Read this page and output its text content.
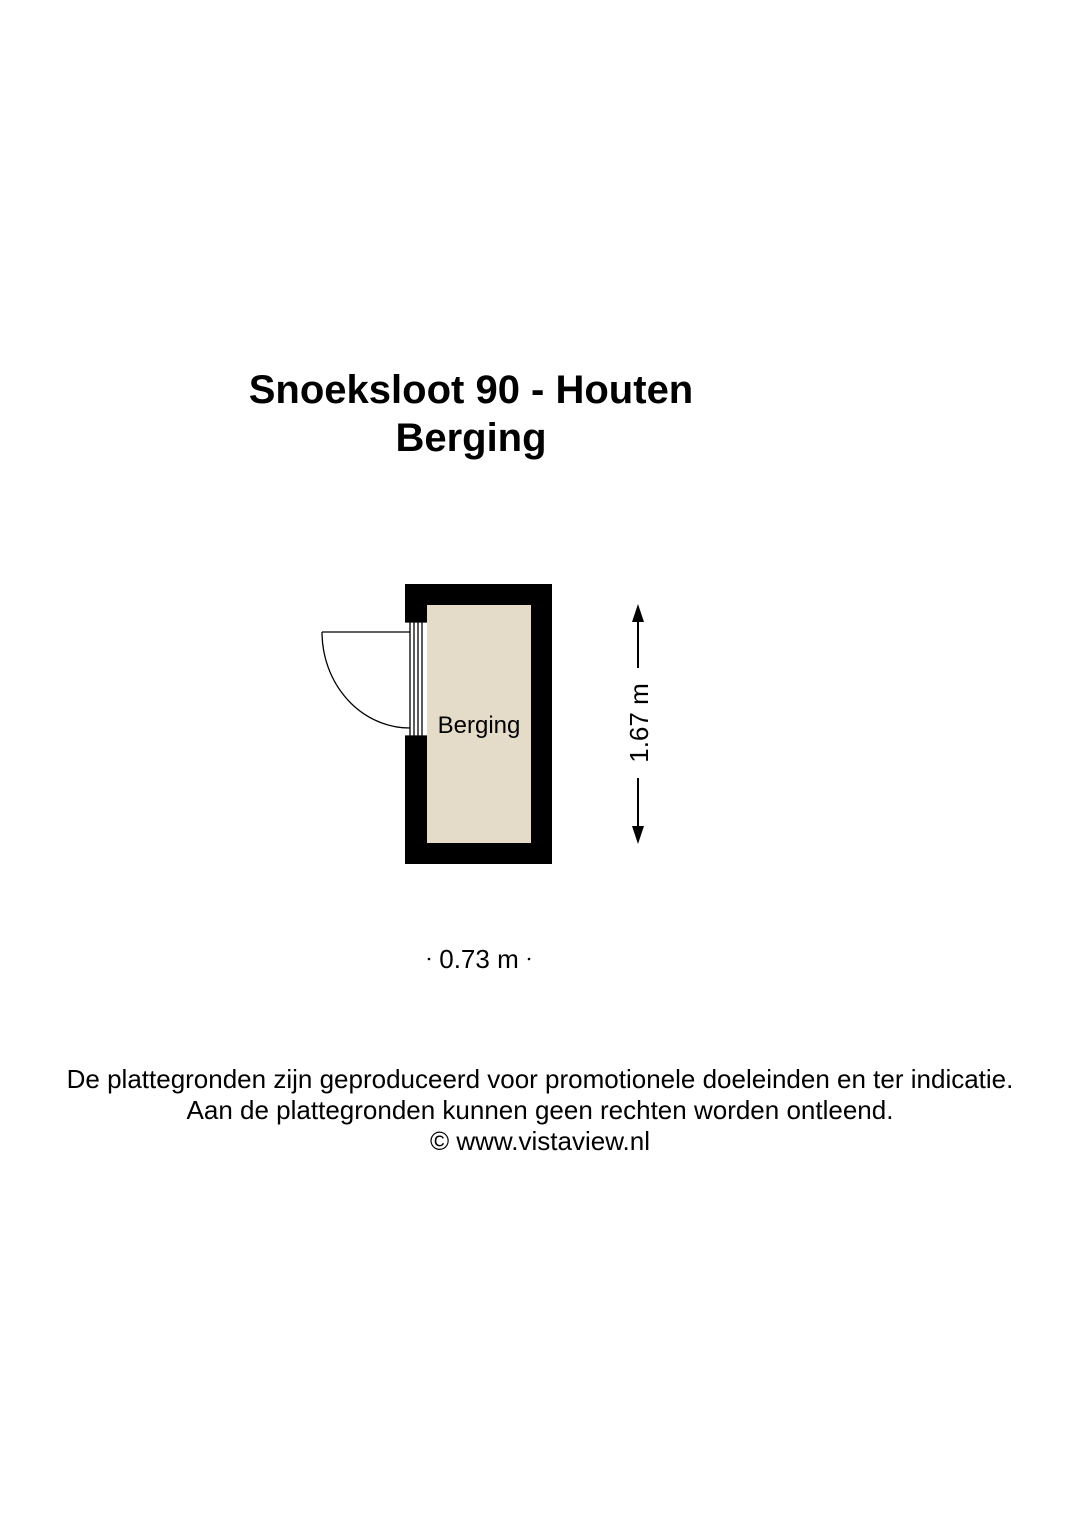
Snoeksloot 90 - Houten
Berging
Berging	1.67 m
0.73 m
De plattegronden zijn geproduceerd voor promotionele doeleinden en ter indicatie.
Aan de plattegronden kunnen geen rechten worden ontleend.
© www.vistaview.nl
